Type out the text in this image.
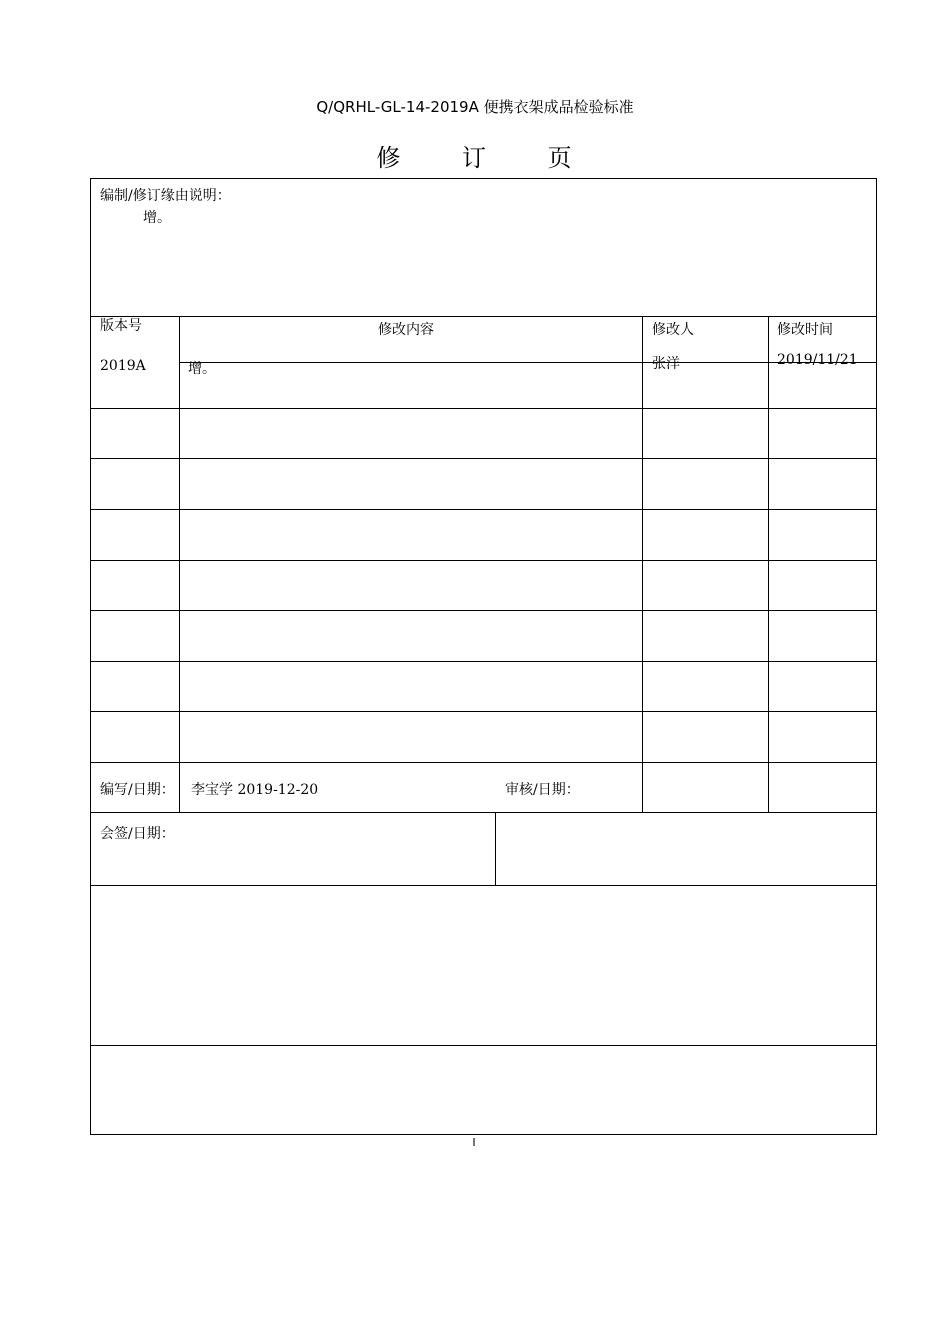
Q/QRHL-GL-14-2019A 便携衣架成品检验标准
修 订 页
编制/修订缘由说明：
增。
版本号	修改内容	修改人	修改时间
2019A	增。	张洋	2019/11/21
编写/日期： 李宝学 2019-12-20	审核/日期：
会签/日期：
I
